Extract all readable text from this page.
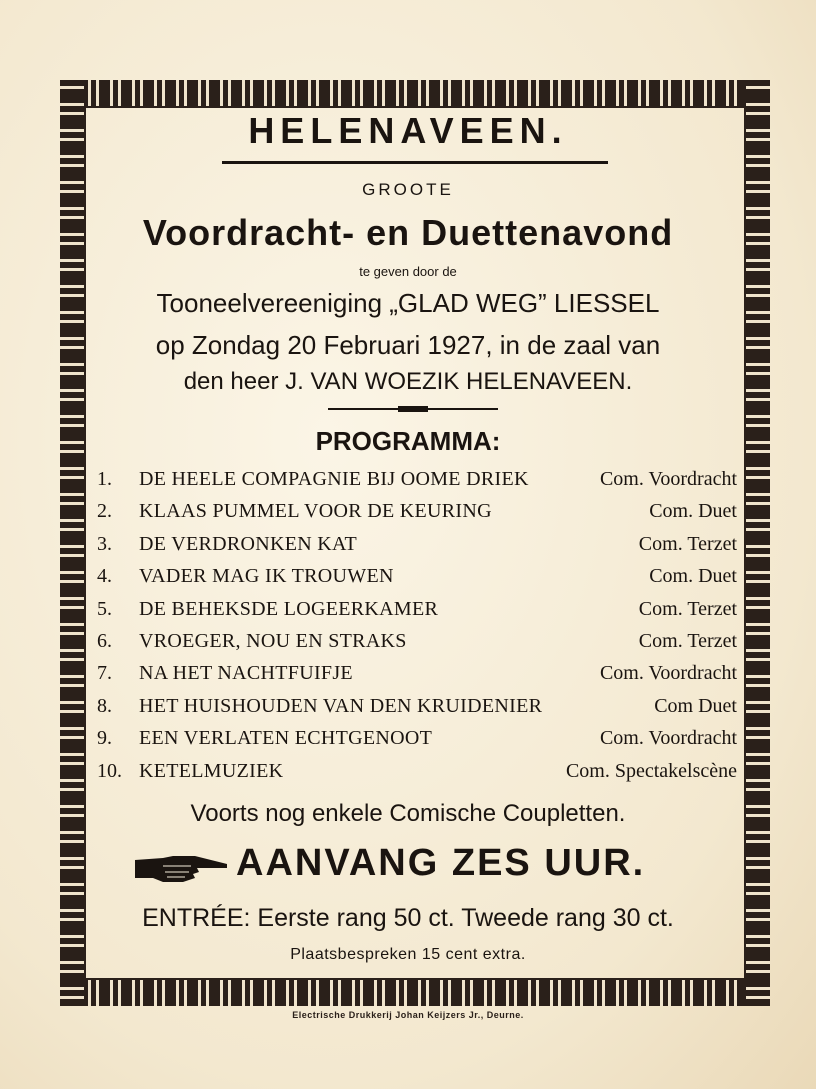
HELENAVEEN.
GROOTE
Voordracht- en Duettenavond
te geven door de
Tooneelvereeniging „GLAD WEG” LIESSEL
op Zondag 20 Februari 1927, in de zaal van
den heer J. VAN WOEZIK HELENAVEEN.
PROGRAMMA:
1. DE HEELE COMPAGNIE BIJ OOME DRIEK	Com. Voordracht
2. KLAAS PUMMEL VOOR DE KEURING	Com. Duet
3. DE VERDRONKEN KAT	Com. Terzet
4. VADER MAG IK TROUWEN	Com. Duet
5. DE BEHEKSDE LOGEERKAMER	Com. Terzet
6. VROEGER, NOU EN STRAKS	Com. Terzet
7. NA HET NACHTFUIFJE	Com. Voordracht
8. HET HUISHOUDEN VAN DEN KRUIDENIER	Com Duet
9. EEN VERLATEN ECHTGENOOT	Com. Voordracht
10. KETELMUZIEK	Com. Spectakelscène
Voorts nog enkele Comische Coupletten.
AANVANG ZES UUR.
ENTRÉE: Eerste rang 50 ct. Tweede rang 30 ct.
Plaatsbespreken 15 cent extra.
Electrische Drukkerij Johan Keijzers Jr., Deurne.
